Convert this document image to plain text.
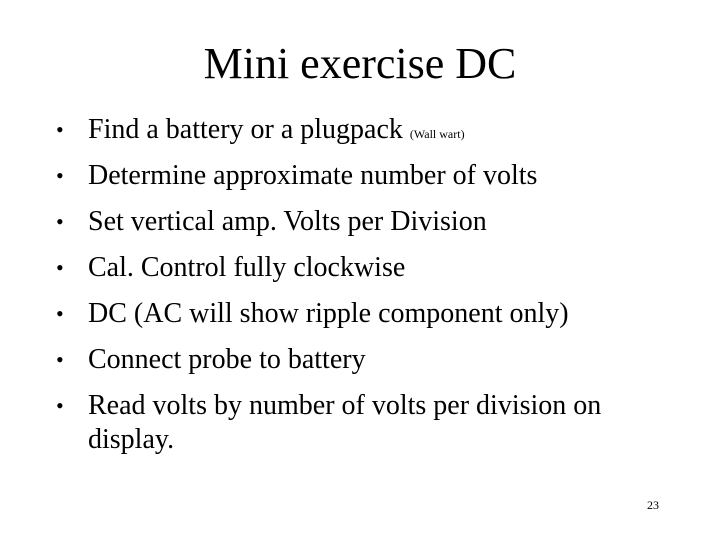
Mini exercise DC
• Find a battery or a plugpack (Wall wart)
• Determine approximate number of volts
• Set vertical amp. Volts per Division
• Cal. Control fully clockwise
• DC (AC will show ripple component only)
• Connect probe to battery
• Read volts by number of volts per division on display.
23
